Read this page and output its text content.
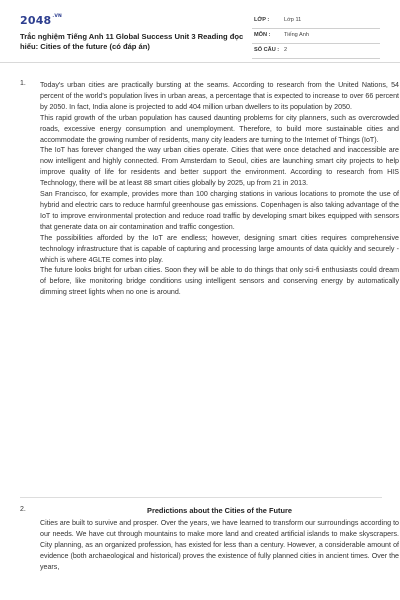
$2048^{.VN}$
Trắc nghiệm Tiếng Anh 11 Global Success Unit 3 Reading đọc hiểu: Cities of the future (có đáp án)
LỚP :	Lớp 11
MÔN : Tiếng Anh
SỐ CÂU : 2
1. Today's urban cities are practically bursting at the seams. According to research from the United Nations, 54 percent of the world's population lives in urban areas, a percentage that is expected to increase to over 66 percent by 2050. In fact, India alone is projected to add 404 million urban dwellers to its population by 2050.

This rapid growth of the urban population has caused daunting problems for city planners, such as overcrowded roads, excessive energy consumption and unemployment. Therefore, to build more sustainable cities and accommodate the growing number of residents, many city leaders are turning to the Internet of Things (IoT).

The IoT has forever changed the way urban cities operate. Cities that were once detached and inaccessible are now intelligent and highly connected. From Amsterdam to Seoul, cities are launching smart city projects to help improve quality of life for residents and better support the environment. According to research from HIS Technology, there will be at least 88 smart cities globally by 2025, up from 21 in 2013.

San Francisco, for example, provides more than 100 charging stations in various locations to promote the use of hybrid and electric cars to reduce harmful greenhouse gas emissions. Copenhagen is also taking advantage of the IoT to improve environmental protection and reduce road traffic by developing smart bikes equipped with sensors that generate data on air contamination and traffic congestion.

The possibilities afforded by the IoT are endless; however, designing smart cities requires comprehensive technology infrastructure that is capable of capturing and processing large amounts of data quickly and securely - which is where 4GLTE comes into play.

The future looks bright for urban cities. Soon they will be able to do things that only sci-fi enthusiasts could dream of before, like monitoring bridge conditions using intelligent sensors and conserving energy by automatically dimming street lights when no one is around.

2.	Predictions about the Cities of the Future

Cities are built to survive and prosper. Over the years, we have learned to transform our surroundings according to our needs. We have cut through mountains to make more land and created artificial islands to make skyscrapers. City planning, as an organized profession, has existed for less than a century. However, a considerable amount of evidence (both archaeological and historical) proves the existence of fully planned cities in ancient times. Over the years,
